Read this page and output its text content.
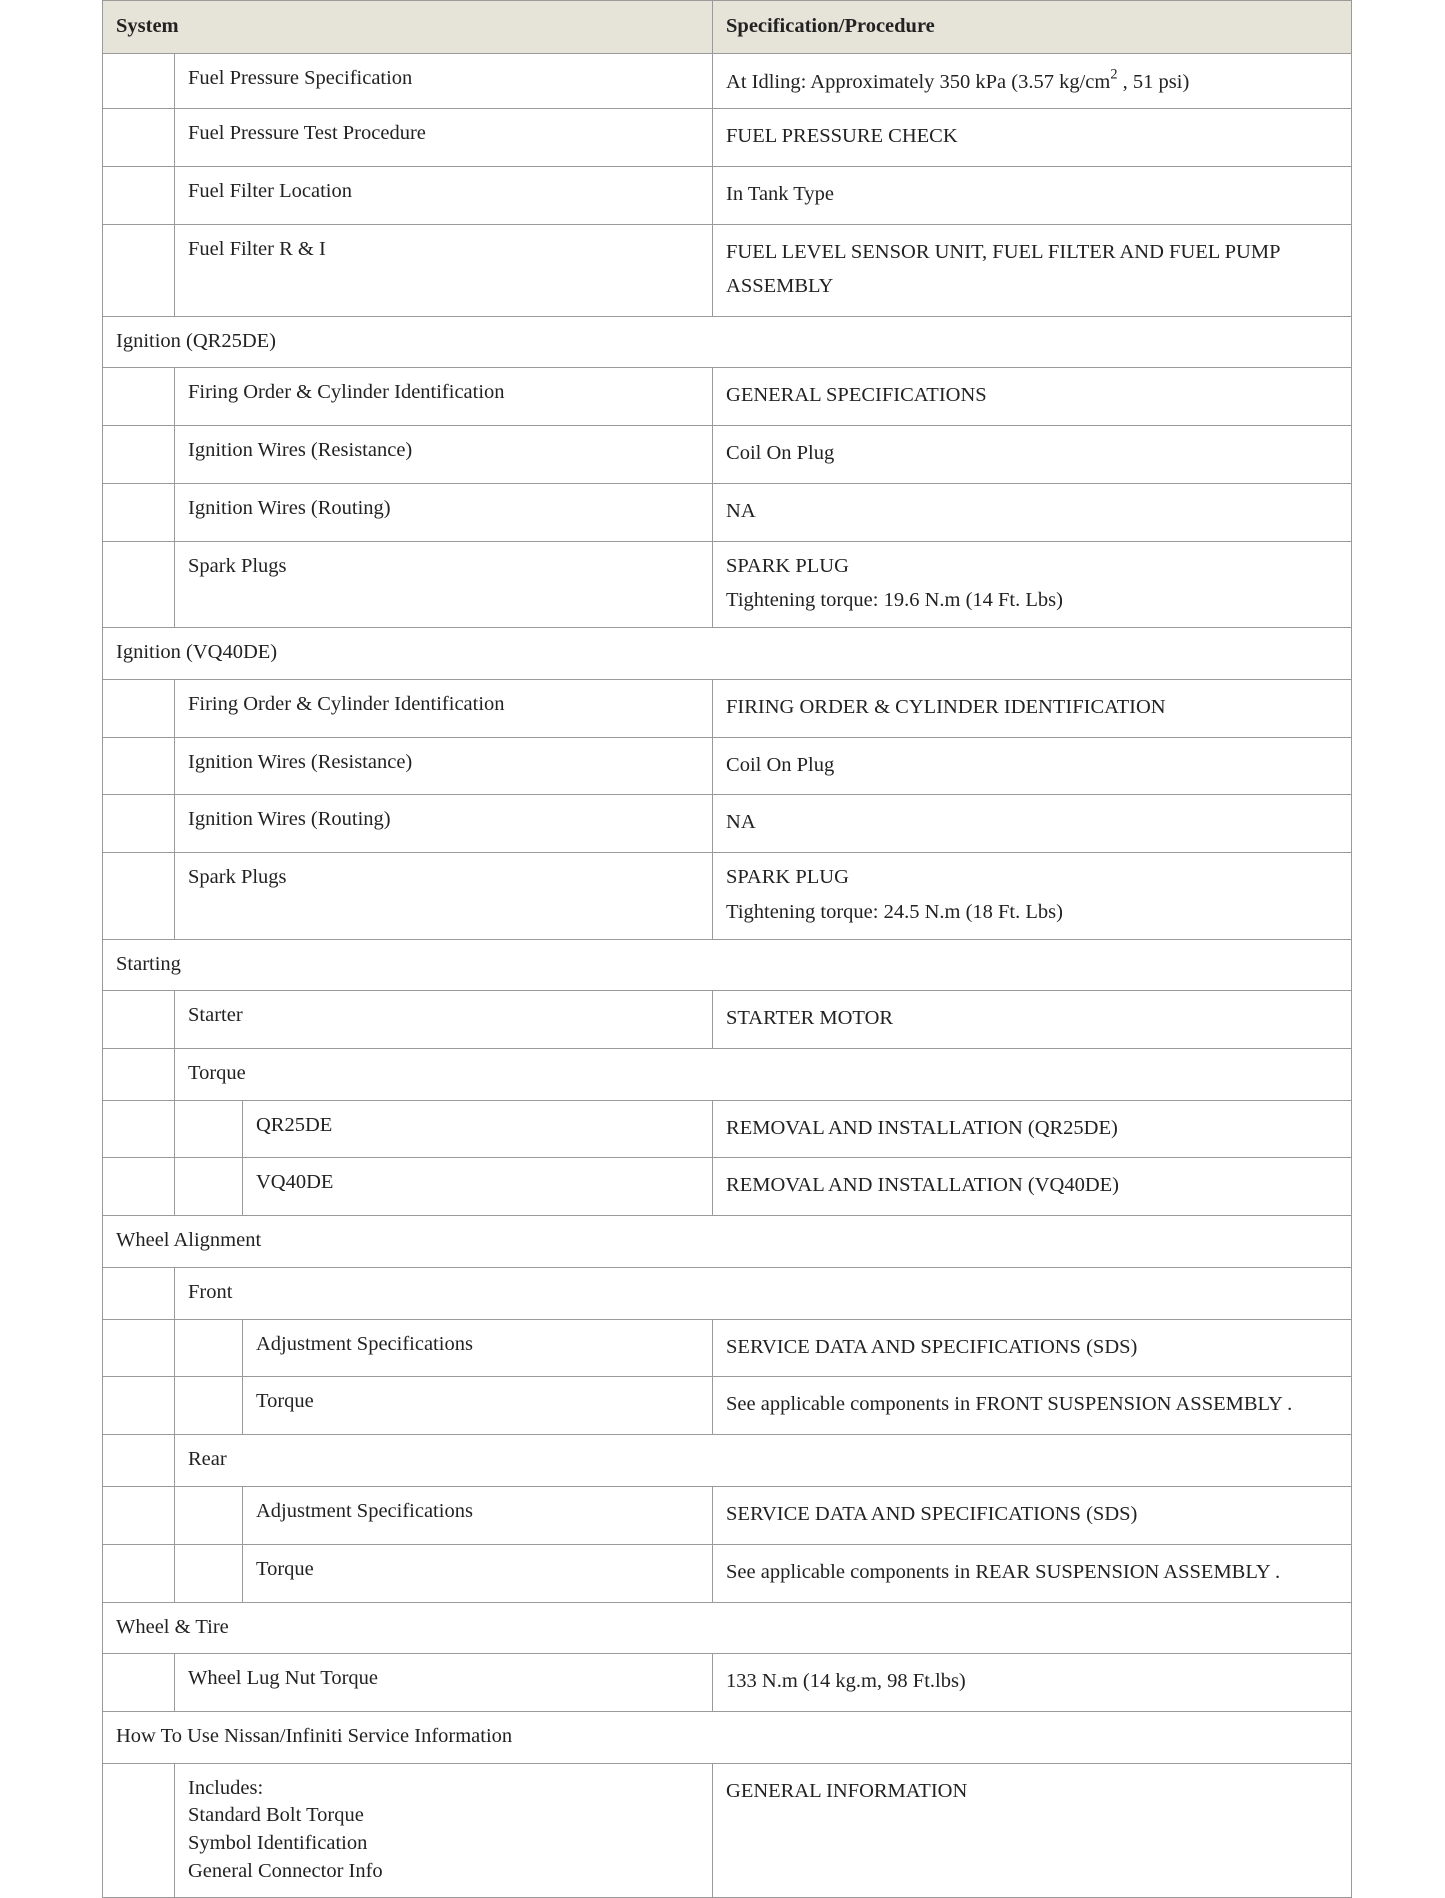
System			Specification/Procedure
	Fuel Pressure Specification		At Idling: Approximately 350 kPa (3.57 $kg/cm^2$ , 51 psi)
	Fuel Pressure Test Procedure		FUEL PRESSURE CHECK
	Fuel Filter Location		In Tank Type
	Fuel Filter R & I		FUEL LEVEL SENSOR UNIT, FUEL FILTER AND FUEL PUMP ASSEMBLY
Ignition (QR25DE)			
	Firing Order & Cylinder Identification		GENERAL SPECIFICATIONS
	Ignition Wires (Resistance)		Coil On Plug
	Ignition Wires (Routing)		NA
	Spark Plugs		SPARK PLUG
Tightening torque: 19.6 N.m (14 Ft. Lbs)

Ignition (VQ40DE)			
	Firing Order & Cylinder Identification		FIRING ORDER & CYLINDER IDENTIFICATION
	Ignition Wires (Resistance)		Coil On Plug
	Ignition Wires (Routing)		NA
	Spark Plugs		SPARK PLUG
Tightening torque: 24.5 N.m (18 Ft. Lbs)

Starting			
	Starter		STARTER MOTOR
	Torque		
		QR25DE	REMOVAL AND INSTALLATION (QR25DE)
		VQ40DE	REMOVAL AND INSTALLATION (VQ40DE)
Wheel Alignment			
	Front		
		Adjustment Specifications	SERVICE DATA AND SPECIFICATIONS (SDS)
		Torque	See applicable components in FRONT SUSPENSION ASSEMBLY .
	Rear		
		Adjustment Specifications	SERVICE DATA AND SPECIFICATIONS (SDS)
		Torque	See applicable components in REAR SUSPENSION ASSEMBLY .
Wheel & Tire			
	Wheel Lug Nut Torque		133 N.m (14 kg.m, 98 Ft.lbs)
How To Use Nissan/Infiniti Service Information			

	Includes:
Standard Bolt Torque
Symbol Identification
General Connector Info		GENERAL INFORMATION
